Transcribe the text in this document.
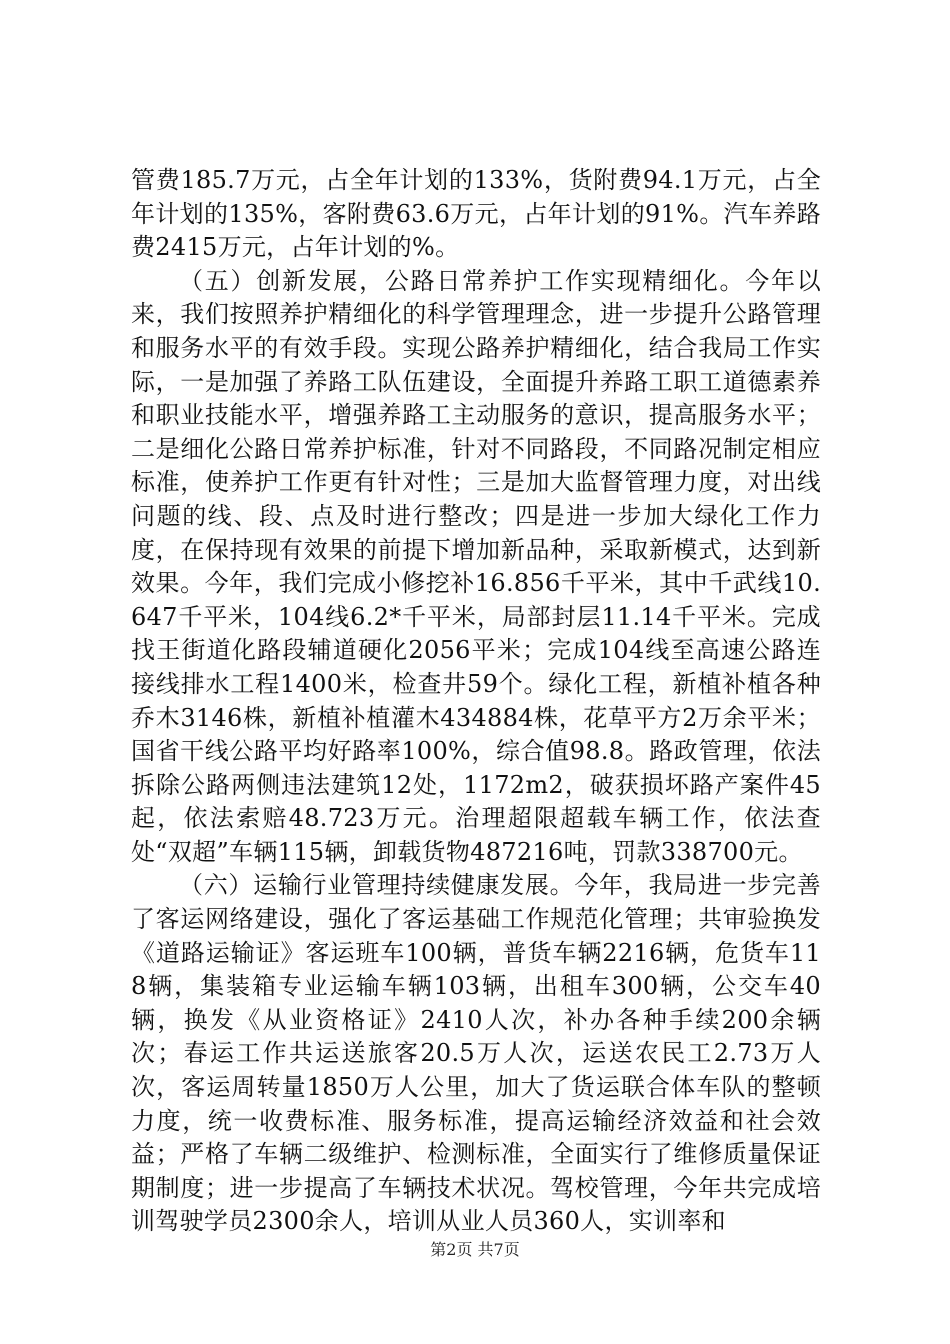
管费185.7万元，占全年计划的133%，货附费94.1万元，占全年计划的135%，客附费63.6万元，占年计划的91%。汽车养路费2415万元，占年计划的%。

（五）创新发展，公路日常养护工作实现精细化。今年以来，我们按照养护精细化的科学管理理念，进一步提升公路管理和服务水平的有效手段。实现公路养护精细化，结合我局工作实际，一是加强了养路工队伍建设，全面提升养路工职工道德素养和职业技能水平，增强养路工主动服务的意识，提高服务水平；二是细化公路日常养护标准，针对不同路段，不同路况制定相应标准，使养护工作更有针对性；三是加大监督管理力度，对出线问题的线、段、点及时进行整改；四是进一步加大绿化工作力度，在保持现有效果的前提下增加新品种，采取新模式，达到新效果。今年，我们完成小修挖补16.856千平米，其中千武线10.647千平米，104线6.2*千平米，局部封层11.14千平米。完成找王街道化路段辅道硬化2056平米；完成104线至高速公路连接线排水工程1400米，检查井59个。绿化工程，新植补植各种乔木3146株，新植补植灌木434884株，花草平方2万余平米；国省干线公路平均好路率100%，综合值98.8。路政管理，依法拆除公路两侧违法建筑12处，1172m2，破获损坏路产案件45起，依法索赔48.723万元。治理超限超载车辆工作，依法查处“双超”车辆115辆，卸载货物487216吨，罚款338700元。

（六）运输行业管理持续健康发展。今年，我局进一步完善了客运网络建设，强化了客运基础工作规范化管理；共审验换发《道路运输证》客运班车100辆，普货车辆2216辆，危货车118辆，集装箱专业运输车辆103辆，出租车300辆，公交车40辆，换发《从业资格证》2410人次，补办各种手续200余辆次；春运工作共运送旅客20.5万人次，运送农民工2.73万人次，客运周转量1850万人公里，加大了货运联合体车队的整顿力度，统一收费标准、服务标准，提高运输经济效益和社会效益；严格了车辆二级维护、检测标准，全面实行了维修质量保证期制度；进一步提高了车辆技术状况。驾校管理，今年共完成培训驾驶学员2300余人，培训从业人员360人，实训率和

第2页 共7页
